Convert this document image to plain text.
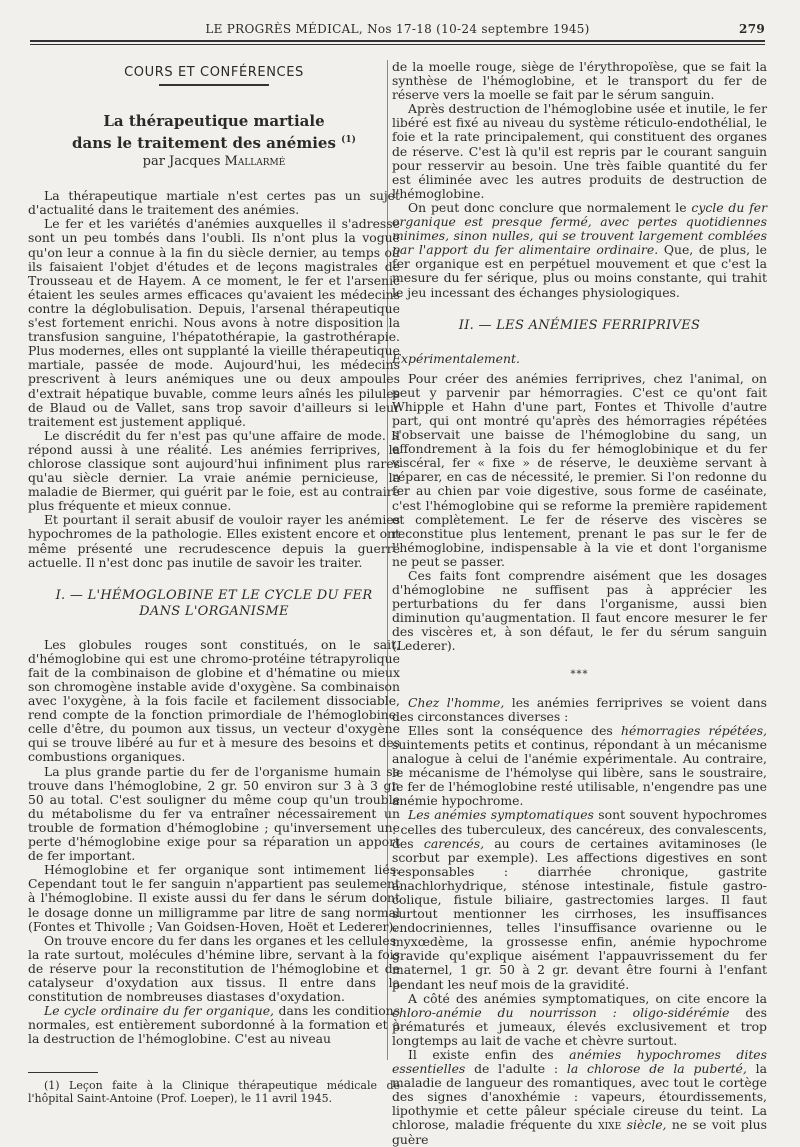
LE PROGRÈS MÉDICAL, Nos 17-18 (10-24 septembre 1945)	279
COURS ET CONFÉRENCES
La thérapeutique martiale
dans le traitement des anémies $^{(1)}$
par Jacques Mallarmé

La thérapeutique martiale n'est certes pas un sujet d'actualité dans le traitement des anémies.

Le fer et les variétés d'anémies auxquelles il s'adresse sont un peu tombés dans l'oubli. Ils n'ont plus la vogue qu'on leur a connue à la fin du siècle dernier, au temps où ils faisaient l'objet d'études et de leçons magistrales de Trousseau et de Hayem. A ce moment, le fer et l'arsenic étaient les seules armes efficaces qu'avaient les médecins contre la déglobulisation. Depuis, l'arsenal thérapeutique s'est fortement enrichi. Nous avons à notre disposition la transfusion sanguine, l'hépatothérapie, la gastrothérapie. Plus modernes, elles ont supplanté la vieille thérapeutique martiale, passée de mode. Aujourd'hui, les médecins prescrivent à leurs anémiques une ou deux ampoules d'extrait hépatique buvable, comme leurs aînés les pilules de Blaud ou de Vallet, sans trop savoir d'ailleurs si leur traitement est justement appliqué.

Le discrédit du fer n'est pas qu'une affaire de mode. Il répond aussi à une réalité. Les anémies ferriprives, la chlorose classique sont aujourd'hui infiniment plus rares qu'au siècle dernier. La vraie anémie pernicieuse, la maladie de Biermer, qui guérit par le foie, est au contraire plus fréquente et mieux connue.

Et pourtant il serait abusif de vouloir rayer les anémies hypochromes de la pathologie. Elles existent encore et ont même présenté une recrudescence depuis la guerre actuelle. Il n'est donc pas inutile de savoir les traiter.

I. — L'HÉMOGLOBINE ET LE CYCLE DU FER
DANS L'ORGANISME

Les globules rouges sont constitués, on le sait, d'hémoglobine qui est une chromo-protéine tétrapyrolique fait de la combinaison de globine et d'hématine ou mieux son chromogène instable avide d'oxygène. Sa combinaison avec l'oxygène, à la fois facile et facilement dissociable, rend compte de la fonction primordiale de l'hémoglobine, celle d'être, du poumon aux tissus, un vecteur d'oxygène qui se trouve libéré au fur et à mesure des besoins et des combustions organiques.

La plus grande partie du fer de l'organisme humain se trouve dans l'hémoglobine, 2 gr. 50 environ sur 3 à 3 gr. 50 au total. C'est souligner du même coup qu'un trouble du métabolisme du fer va entraîner nécessairement un trouble de formation d'hémoglobine ; qu'inversement une perte d'hémoglobine exige pour sa réparation un apport de fer important.

Hémoglobine et fer organique sont intimement liés. Cependant tout le fer sanguin n'appartient pas seulement à l'hémoglobine. Il existe aussi du fer dans le sérum dont le dosage donne un milligramme par litre de sang normal (Fontes et Thivolle ; Van Goidsen-Hoven, Hoët et Lederer).

On trouve encore du fer dans les organes et les cellules, la rate surtout, molécules d'hémine libre, servant à la fois de réserve pour la reconstitution de l'hémoglobine et de catalyseur d'oxydation aux tissus. Il entre dans la constitution de nombreuses diastases d'oxydation.

Le cycle ordinaire du fer organique, dans les conditions normales, est entièrement subordonné à la formation et à la destruction de l'hémoglobine. C'est au niveau

(1) Leçon faite à la Clinique thérapeutique médicale de l'hôpital Saint-Antoine (Prof. Loeper), le 11 avril 1945.

de la moelle rouge, siège de l'érythropoïèse, que se fait la synthèse de l'hémoglobine, et le transport du fer de réserve vers la moelle se fait par le sérum sanguin.

Après destruction de l'hémoglobine usée et inutile, le fer libéré est fixé au niveau du système réticulo-endothélial, le foie et la rate principalement, qui constituent des organes de réserve. C'est là qu'il est repris par le courant sanguin pour resservir au besoin. Une très faible quantité du fer est éliminée avec les autres produits de destruction de l'hémoglobine.

On peut donc conclure que normalement le cycle du fer organique est presque fermé, avec pertes quotidiennes minimes, sinon nulles, qui se trouvent largement comblées par l'apport du fer alimentaire ordinaire. Que, de plus, le fer organique est en perpétuel mouvement et que c'est la mesure du fer sérique, plus ou moins constante, qui trahit le jeu incessant des échanges physiologiques.

II. — LES ANÉMIES FERRIPRIVES

Expérimentalement.

Pour créer des anémies ferriprives, chez l'animal, on peut y parvenir par hémorragies. C'est ce qu'ont fait Whipple et Hahn d'une part, Fontes et Thivolle d'autre part, qui ont montré qu'après des hémorragies répétées s'observait une baisse de l'hémoglobine du sang, un effondrement à la fois du fer hémoglobinique et du fer viscéral, fer « fixe » de réserve, le deuxième servant à réparer, en cas de nécessité, le premier. Si l'on redonne du fer au chien par voie digestive, sous forme de caséinate, c'est l'hémoglobine qui se reforme la première rapidement et complètement. Le fer de réserve des viscères se reconstitue plus lentement, prenant le pas sur le fer de l'hémoglobine, indispensable à la vie et dont l'organisme ne peut se passer.

Ces faits font comprendre aisément que les dosages d'hémoglobine ne suffisent pas à apprécier les perturbations du fer dans l'organisme, aussi bien diminution qu'augmentation. Il faut encore mesurer le fer des viscères et, à son défaut, le fer du sérum sanguin (Lederer).

***

Chez l'homme, les anémies ferriprives se voient dans des circonstances diverses :

Elles sont la conséquence des hémorragies répétées, suintements petits et continus, répondant à un mécanisme analogue à celui de l'anémie expérimentale. Au contraire, le mécanisme de l'hémolyse qui libère, sans le soustraire, le fer de l'hémoglobine resté utilisable, n'engendre pas une anémie hypochrome.

Les anémies symptomatiques sont souvent hypochromes : celles des tuberculeux, des cancéreux, des convalescents, des carencés, au cours de certaines avitaminoses (le scorbut par exemple). Les affections digestives en sont responsables : diarrhée chronique, gastrite anachlorhydrique, sténose intestinale, fistule gastro-colique, fistule biliaire, gastrectomies larges. Il faut surtout mentionner les cirrhoses, les insuffisances endocriniennes, telles l'insuffisance ovarienne ou le myxœdème, la grossesse enfin, anémie hypochrome gravide qu'explique aisément l'appauvrissement du fer maternel, 1 gr. 50 à 2 gr. devant être fourni à l'enfant pendant les neuf mois de la gravidité.

A côté des anémies symptomatiques, on cite encore la chloro-anémie du nourrisson : oligo-sidérémie des prématurés et jumeaux, élevés exclusivement et trop longtemps au lait de vache et chèvre surtout.

Il existe enfin des anémies hypochromes dites essentielles de l'adulte : la chlorose de la puberté, la maladie de langueur des romantiques, avec tout le cortège des signes d'anoxhémie : vapeurs, étourdissements, lipothymie et cette pâleur spéciale cireuse du teint. La chlorose, maladie fréquente du xixe siècle, ne se voit plus guère
